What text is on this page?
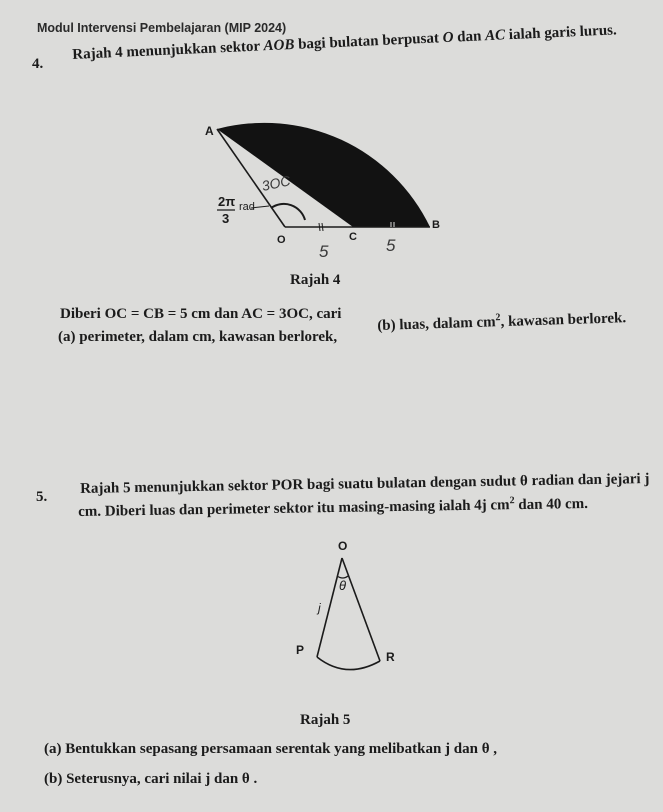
Modul Intervensi Pembelajaran (MIP 2024)
4.
Rajah 4 menunjukkan sektor AOB bagi bulatan berpusat O dan AC ialah garis lurus.
A
O	C
B
2π
3
rad
3OC
5	5
Rajah 4
Diberi OC = CB = 5 cm dan AC = 3OC, cari
(a) perimeter, dalam cm, kawasan berlorek,
(b) luas, dalam $cm^2$, kawasan berlorek.
5.
Rajah 5 menunjukkan sektor POR bagi suatu bulatan dengan sudut θ radian dan jejari j
cm. Diberi luas dan perimeter sektor itu masing-masing ialah 4j $cm^2$ dan 40 cm.
O
θ
j
P	R
Rajah 5
(a) Bentukkan sepasang persamaan serentak yang melibatkan j dan θ ,
(b) Seterusnya, cari nilai j dan θ .
